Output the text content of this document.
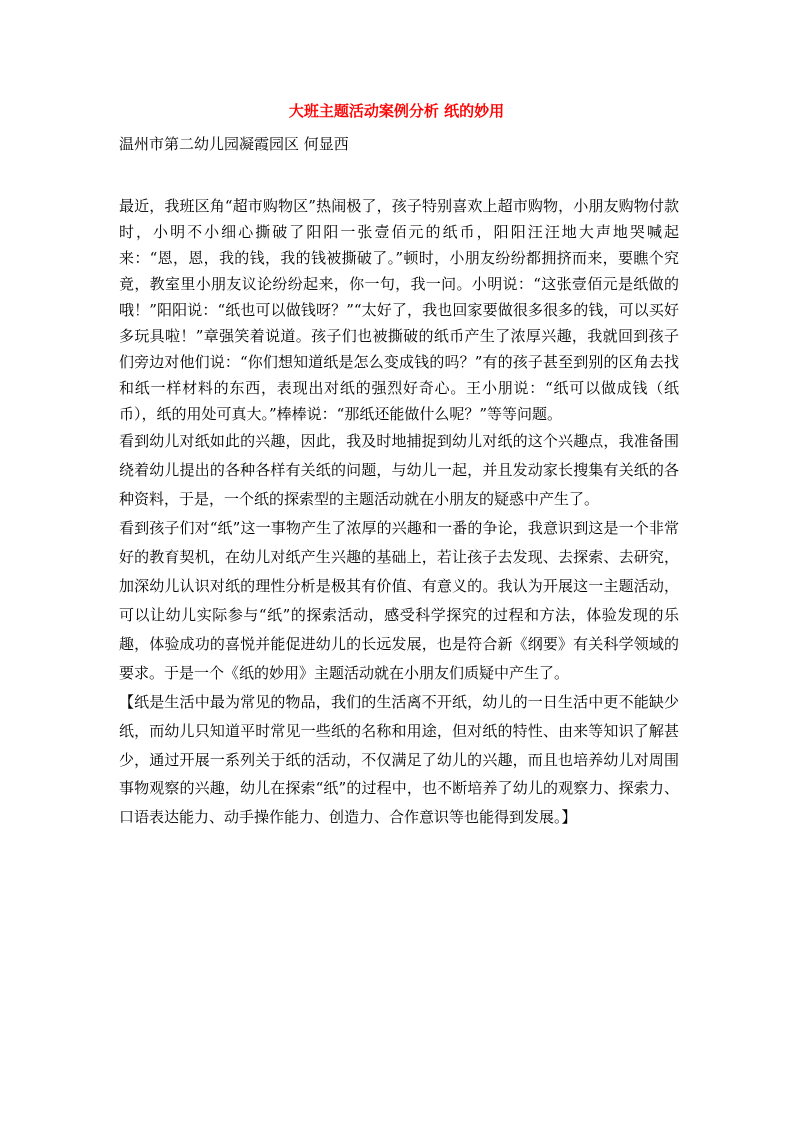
大班主题活动案例分析 纸的妙用
温州市第二幼儿园凝霞园区 何显西

最近，我班区角“超市购物区”热闹极了，孩子特别喜欢上超市购物，小朋友购物付款时，小明不小细心撕破了阳阳一张壹佰元的纸币，阳阳汪汪地大声地哭喊起来：“恩，恩，我的钱，我的钱被撕破了。”顿时，小朋友纷纷都拥挤而来，要瞧个究竟，教室里小朋友议论纷纷起来，你一句，我一问。小明说：“这张壹佰元是纸做的哦！”阳阳说：“纸也可以做钱呀？”“太好了，我也回家要做很多很多的钱，可以买好多玩具啦！”章强笑着说道。孩子们也被撕破的纸币产生了浓厚兴趣，我就回到孩子们旁边对他们说：“你们想知道纸是怎么变成钱的吗？”有的孩子甚至到别的区角去找和纸一样材料的东西，表现出对纸的强烈好奇心。王小朋说：“纸可以做成钱（纸币），纸的用处可真大。”棒棒说：“那纸还能做什么呢？”等等问题。

看到幼儿对纸如此的兴趣，因此，我及时地捕捉到幼儿对纸的这个兴趣点，我准备围绕着幼儿提出的各种各样有关纸的问题，与幼儿一起，并且发动家长搜集有关纸的各种资料，于是，一个纸的探索型的主题活动就在小朋友的疑惑中产生了。

看到孩子们对“纸”这一事物产生了浓厚的兴趣和一番的争论，我意识到这是一个非常好的教育契机，在幼儿对纸产生兴趣的基础上，若让孩子去发现、去探索、去研究，加深幼儿认识对纸的理性分析是极其有价值、有意义的。我认为开展这一主题活动，可以让幼儿实际参与“纸”的探索活动，感受科学探究的过程和方法，体验发现的乐趣，体验成功的喜悦并能促进幼儿的长远发展，也是符合新《纲要》有关科学领域的要求。于是一个《纸的妙用》主题活动就在小朋友们质疑中产生了。

【纸是生活中最为常见的物品，我们的生活离不开纸，幼儿的一日生活中更不能缺少纸，而幼儿只知道平时常见一些纸的名称和用途，但对纸的特性、由来等知识了解甚少，通过开展一系列关于纸的活动，不仅满足了幼儿的兴趣，而且也培养幼儿对周围事物观察的兴趣，幼儿在探索“纸”的过程中，也不断培养了幼儿的观察力、探索力、口语表达能力、动手操作能力、创造力、合作意识等也能得到发展。】
